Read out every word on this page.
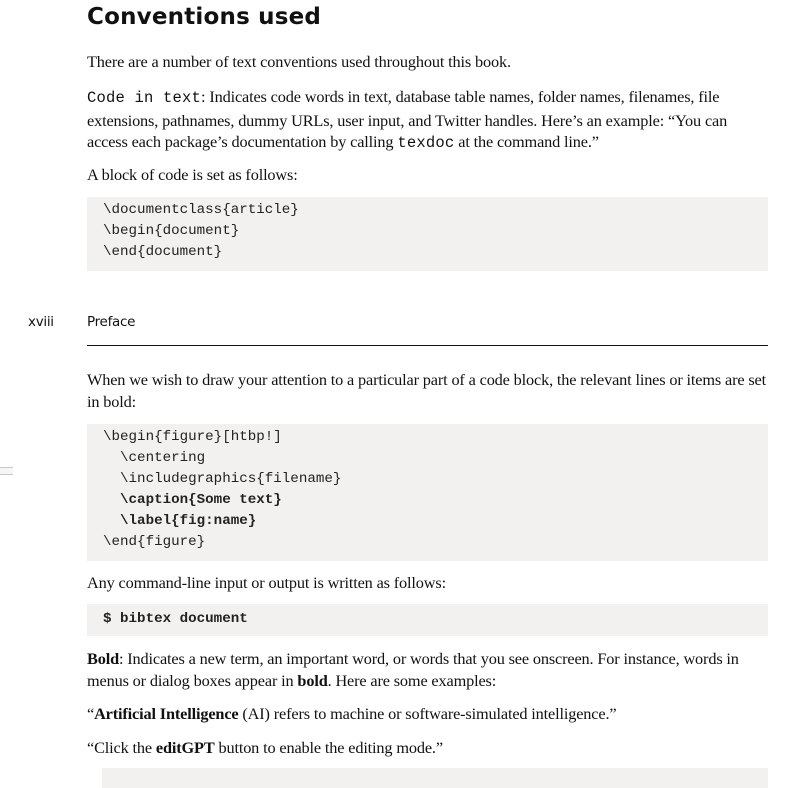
Conventions used

There are a number of text conventions used throughout this book.

Code in text: Indicates code words in text, database table names, folder names, filenames, file extensions, pathnames, dummy URLs, user input, and Twitter handles. Here’s an example: “You can access each package’s documentation by calling texdoc at the command line.”

A block of code is set as follows:

\documentclass{article}
\begin{document}
\end{document}
xviii Preface

When we wish to draw your attention to a particular part of a code block, the relevant lines or items are set in bold:

\begin{figure}[htbp!]
\centering
\includegraphics{filename}
\caption{Some text}
\label{fig:name}
\end{figure}

Any command-line input or output is written as follows:

$ bibtex document

Bold: Indicates a new term, an important word, or words that you see onscreen. For instance, words in menus or dialog boxes appear in bold. Here are some examples:

“Artificial Intelligence (AI) refers to machine or software-simulated intelligence.”

“Click the editGPT button to enable the editing mode.”
